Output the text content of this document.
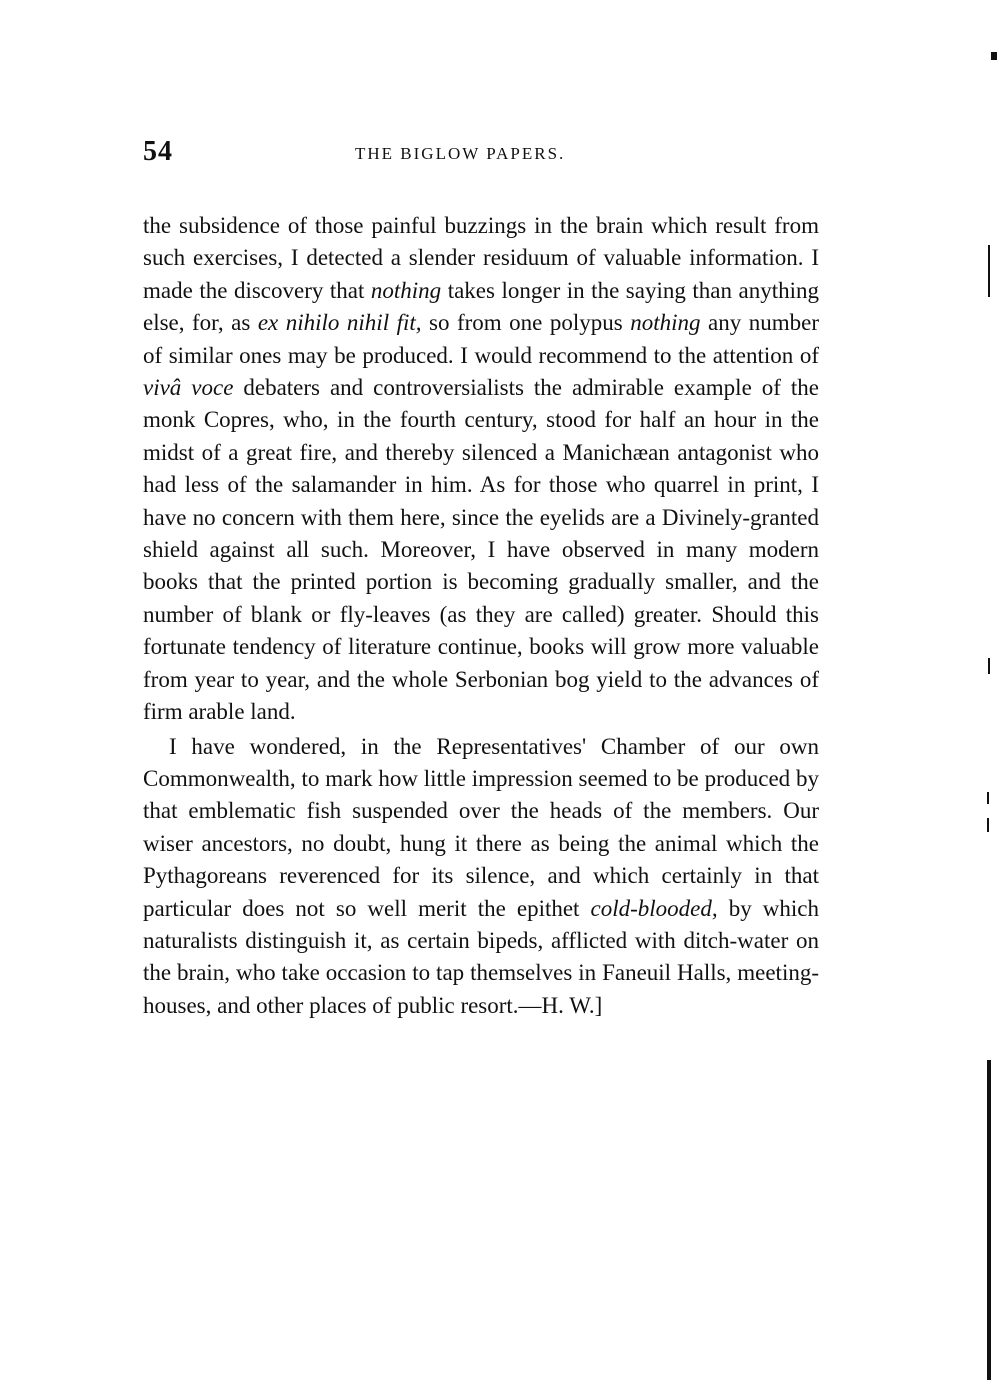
54	THE BIGLOW PAPERS.

the subsidence of those painful buzzings in the brain which result from such exercises, I detected a slender residuum of valuable information. I made the discovery that nothing takes longer in the saying than anything else, for, as ex nihilo nihil fit, so from one polypus nothing any number of similar ones may be produced. I would recommend to the attention of vivâ voce debaters and controversialists the admirable example of the monk Copres, who, in the fourth century, stood for half an hour in the midst of a great fire, and thereby silenced a Manichæan antagonist who had less of the salamander in him. As for those who quarrel in print, I have no concern with them here, since the eyelids are a Divinely-granted shield against all such. Moreover, I have observed in many modern books that the printed portion is becoming gradually smaller, and the number of blank or fly-leaves (as they are called) greater. Should this fortunate tendency of literature continue, books will grow more valuable from year to year, and the whole Serbonian bog yield to the advances of firm arable land.

I have wondered, in the Representatives' Chamber of our own Commonwealth, to mark how little impression seemed to be produced by that emblematic fish suspended over the heads of the members. Our wiser ancestors, no doubt, hung it there as being the animal which the Pythagoreans reverenced for its silence, and which certainly in that particular does not so well merit the epithet cold-blooded, by which naturalists distinguish it, as certain bipeds, afflicted with ditch-water on the brain, who take occasion to tap themselves in Faneuil Halls, meeting-houses, and other places of public resort.—H. W.]
